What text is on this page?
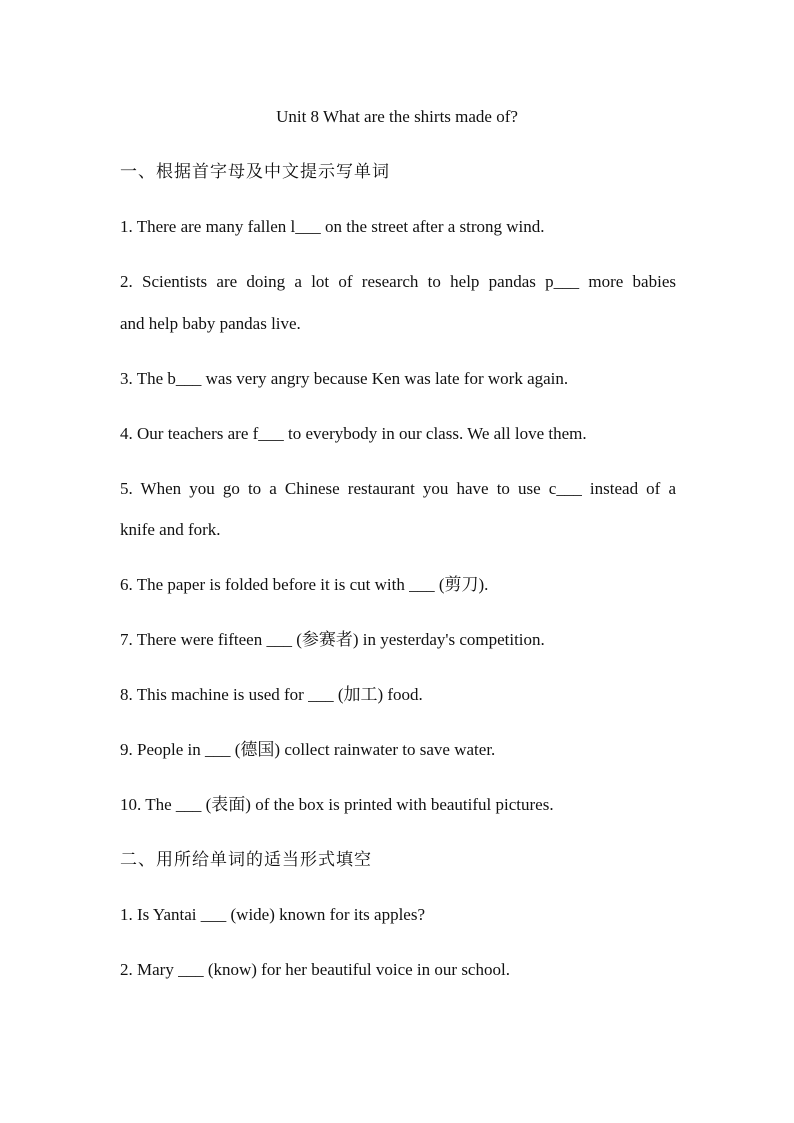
Unit 8 What are the shirts made of?
一、根据首字母及中文提示写单词
1. There are many fallen l___ on the street after a strong wind.
2. Scientists are doing a lot of research to help pandas p___ more babies
and help baby pandas live.
3. The b___ was very angry because Ken was late for work again.
4. Our teachers are f___ to everybody in our class. We all love them.
5. When you go to a Chinese restaurant you have to use c___ instead of a
knife and fork.
6. The paper is folded before it is cut with ___ (剪刀).
7. There were fifteen ___ (参赛者) in yesterday's competition.
8. This machine is used for ___ (加工) food.
9. People in ___ (德国) collect rainwater to save water.
10. The ___ (表面) of the box is printed with beautiful pictures.
二、用所给单词的适当形式填空
1. Is Yantai ___ (wide) known for its apples?
2. Mary ___ (know) for her beautiful voice in our school.
